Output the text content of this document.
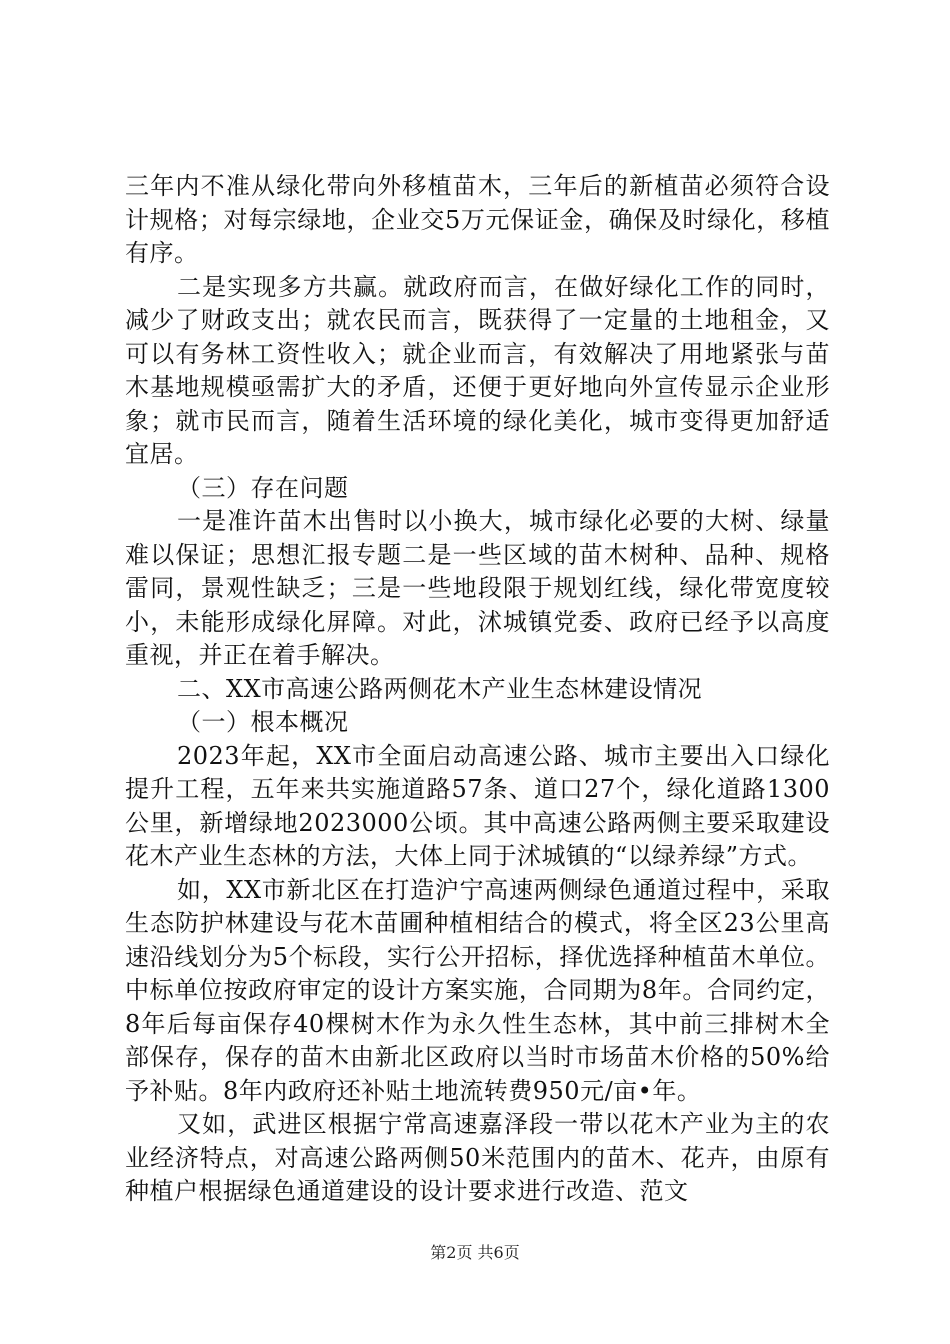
三年内不准从绿化带向外移植苗木，三年后的新植苗必须符合设计规格；对每宗绿地，企业交5万元保证金，确保及时绿化，移植有序。

二是实现多方共赢。就政府而言，在做好绿化工作的同时，减少了财政支出；就农民而言，既获得了一定量的土地租金，又可以有务林工资性收入；就企业而言，有效解决了用地紧张与苗木基地规模亟需扩大的矛盾，还便于更好地向外宣传显示企业形象；就市民而言，随着生活环境的绿化美化，城市变得更加舒适宜居。

（三）存在问题

一是准许苗木出售时以小换大，城市绿化必要的大树、绿量难以保证；思想汇报专题二是一些区域的苗木树种、品种、规格雷同，景观性缺乏；三是一些地段限于规划红线，绿化带宽度较小，未能形成绿化屏障。对此，沭城镇党委、政府已经予以高度重视，并正在着手解决。

二、XX市高速公路两侧花木产业生态林建设情况

（一）根本概况

2023年起，XX市全面启动高速公路、城市主要出入口绿化提升工程，五年来共实施道路57条、道口27个，绿化道路1300公里，新增绿地2023000公顷。其中高速公路两侧主要采取建设花木产业生态林的方法，大体上同于沭城镇的“以绿养绿”方式。

如，XX市新北区在打造沪宁高速两侧绿色通道过程中，采取生态防护林建设与花木苗圃种植相结合的模式，将全区23公里高速沿线划分为5个标段，实行公开招标，择优选择种植苗木单位。中标单位按政府审定的设计方案实施，合同期为8年。合同约定，8年后每亩保存40棵树木作为永久性生态林，其中前三排树木全部保存，保存的苗木由新北区政府以当时市场苗木价格的50%给予补贴。8年内政府还补贴土地流转费950元/亩•年。

又如，武进区根据宁常高速嘉泽段一带以花木产业为主的农业经济特点，对高速公路两侧50米范围内的苗木、花卉，由原有种植户根据绿色通道建设的设计要求进行改造、范文

第2页 共6页
